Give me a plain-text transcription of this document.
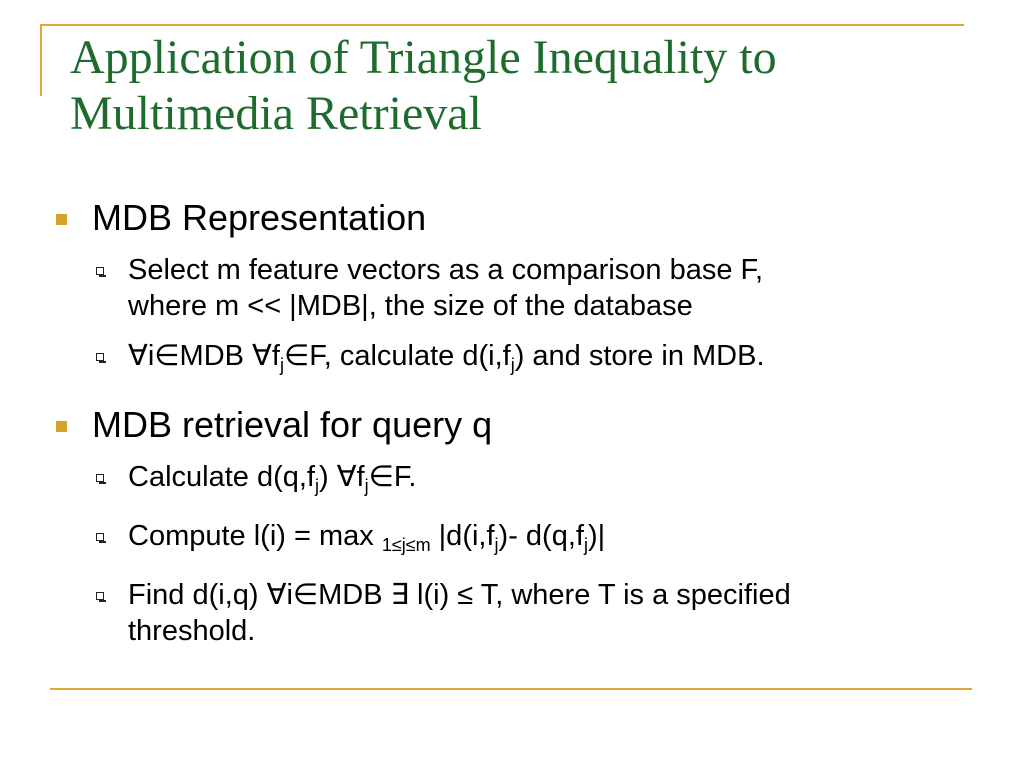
Application of Triangle Inequality to
Multimedia Retrieval
MDB Representation
Select m feature vectors as a comparison base F,
where m << |MDB|, the size of the database
∀i∈MDB $\forall f_j\in F$, calculate $d(i,f_j)$ and store in MDB.
MDB retrieval for query q
Calculate $d(q,f_j)$ $\forall f_j\in F$.
Compute l(i) = max $_{1\le j\le m}$ $|d(i,f_j)-$ $d(q,f_j)|$
Find d(i,q) ∀i∈MDB ∃ l(i) ≤ T, where T is a specified
threshold.
